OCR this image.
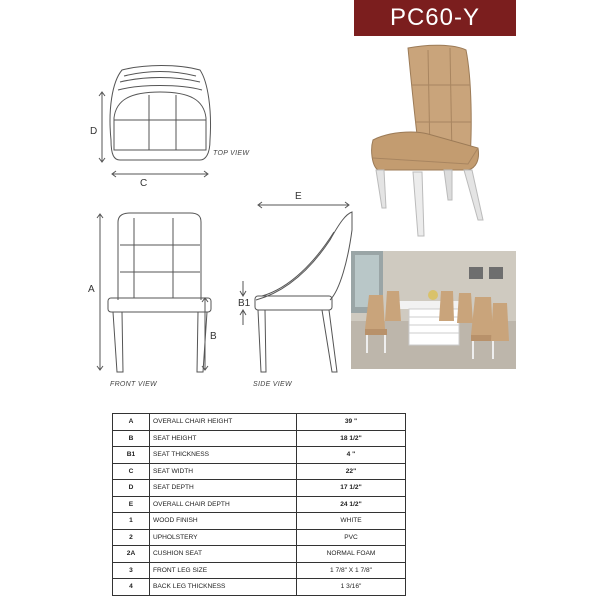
PC60-Y
D
C
A
B
E
B1
TOP VIEW
FRONT VIEW	SIDE VIEW
A	OVERALL CHAIR HEIGHT	39 "
B	SEAT HEIGHT	18 1/2"
B1	SEAT THICKNESS	4 "
C	SEAT WIDTH	22"
D	SEAT DEPTH	17 1/2"
E	OVERALL CHAIR DEPTH	24 1/2"
1	WOOD FINISH	WHITE
2	UPHOLSTERY	PVC
2A	CUSHION SEAT	NORMAL FOAM
3	FRONT LEG SIZE	1 7/8" X 1 7/8"
4	BACK LEG THICKNESS	1 3/16"
